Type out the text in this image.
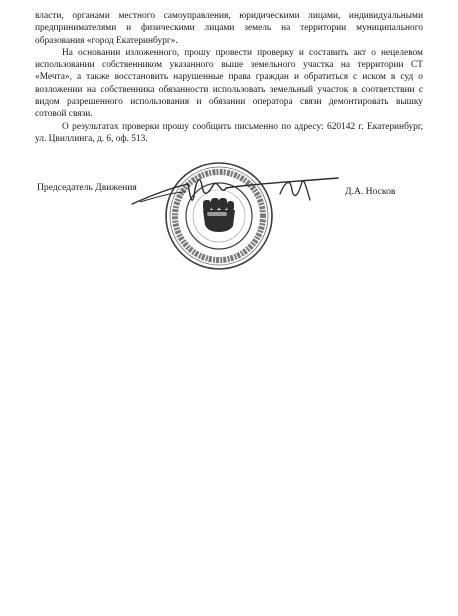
власти, органами местного самоуправления, юридическими лицами, индивидуальными
предпринимателями и физическими лицами земель на территории муниципального
образования «город Екатеринбург».

На основании изложенного, прошу провести проверку и составить акт о нецелевом
использовании собственником указанного выше земельного участка на территории СТ
«Мечта», а также восстановить нарушенные права граждан и обратиться с иском в суд о
возложении на собственника обязанности использовать земельный участок в соответствии с
видом разрешенного использования и обязании оператора связи демонтировать вышку
сотовой связи.

О результатах проверки прошу сообщить письменно по адресу: 620142 г. Екатеринбург,
ул. Цвиллинга, д. 6, оф. 513.

Председатель Движения	Д.А. Носков
